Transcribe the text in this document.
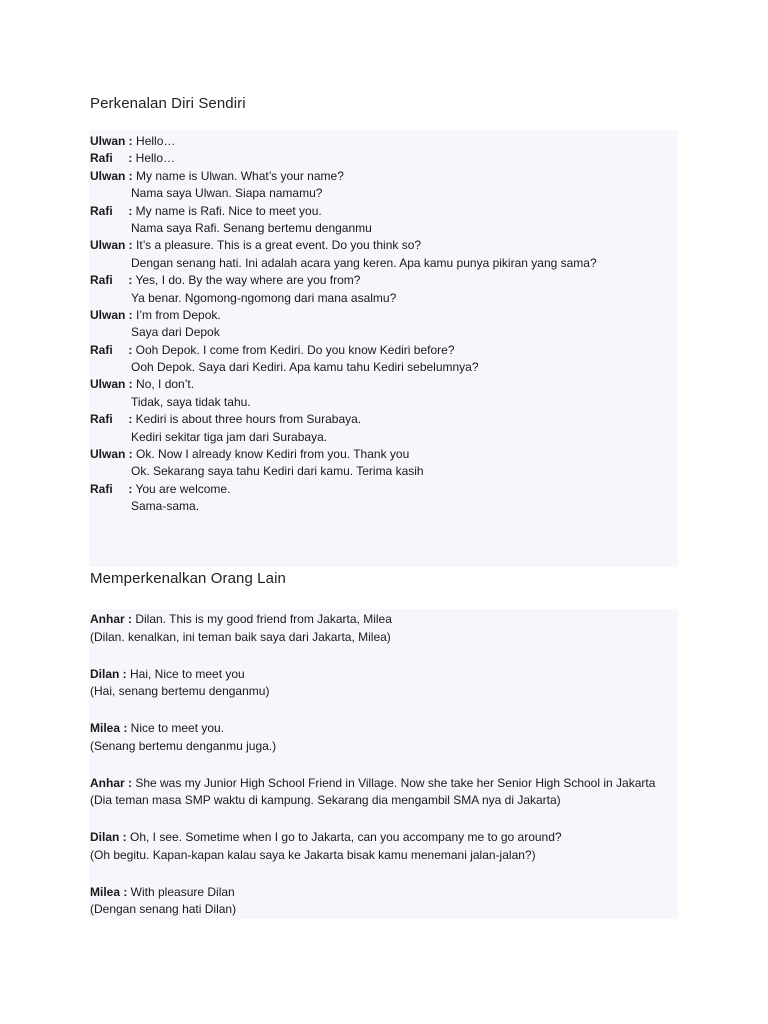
Perkenalan Diri Sendiri
Ulwan : Hello…
Rafi : Hello…
Ulwan : My name is Ulwan. What’s your name?
Nama saya Ulwan. Siapa namamu?
Rafi : My name is Rafi. Nice to meet you.
Nama saya Rafi. Senang bertemu denganmu
Ulwan : It’s a pleasure. This is a great event. Do you think so?
Dengan senang hati. Ini adalah acara yang keren. Apa kamu punya pikiran yang sama?
Rafi : Yes, I do. By the way where are you from?
Ya benar. Ngomong-ngomong dari mana asalmu?
Ulwan : I’m from Depok.
Saya dari Depok
Rafi : Ooh Depok. I come from Kediri. Do you know Kediri before?
Ooh Depok. Saya dari Kediri. Apa kamu tahu Kediri sebelumnya?
Ulwan : No, I don’t.
Tidak, saya tidak tahu.
Rafi : Kediri is about three hours from Surabaya.
Kediri sekitar tiga jam dari Surabaya.
Ulwan : Ok. Now I already know Kediri from you. Thank you
Ok. Sekarang saya tahu Kediri dari kamu. Terima kasih
Rafi : You are welcome.
Sama-sama.
Memperkenalkan Orang Lain
Anhar : Dilan. This is my good friend from Jakarta, Milea
(Dilan. kenalkan, ini teman baik saya dari Jakarta, Milea)
Dilan : Hai, Nice to meet you
(Hai, senang bertemu denganmu)
Milea : Nice to meet you.
(Senang bertemu denganmu juga.)
Anhar : She was my Junior High School Friend in Village. Now she take her Senior High School in Jakarta
(Dia teman masa SMP waktu di kampung. Sekarang dia mengambil SMA nya di Jakarta)
Dilan : Oh, I see. Sometime when I go to Jakarta, can you accompany me to go around?
(Oh begitu. Kapan-kapan kalau saya ke Jakarta bisak kamu menemani jalan-jalan?)
Milea : With pleasure Dilan
(Dengan senang hati Dilan)
